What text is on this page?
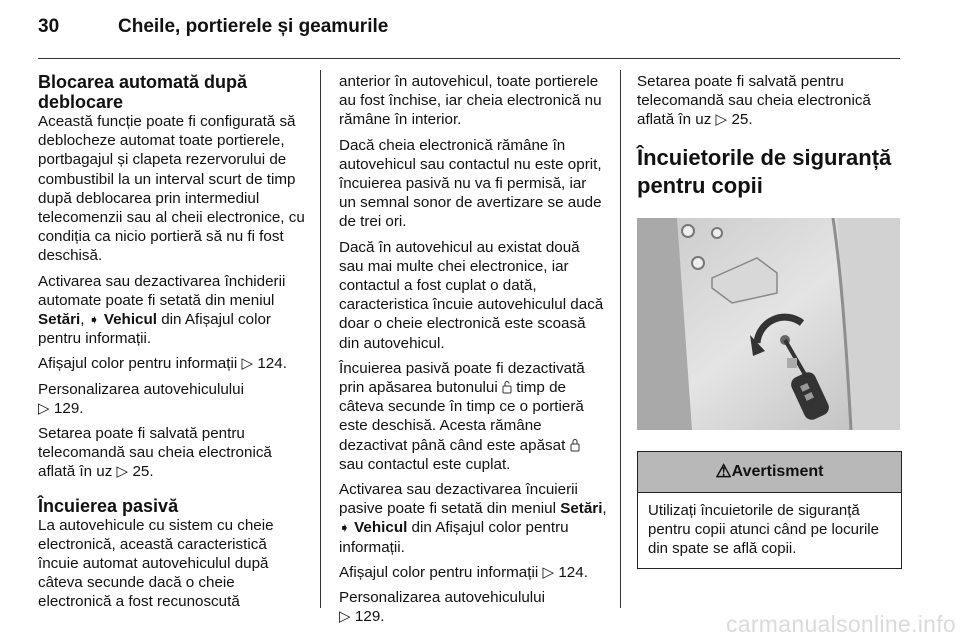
30	Cheile, portierele și geamurile
Blocarea automată după deblocare

Această funcție poate fi configurată să deblocheze automat toate portierele, portbagajul și clapeta rezervorului de combustibil la un interval scurt de timp după deblocarea prin intermediul telecomenzii sau al cheii electronice, cu condiția ca nicio portieră să nu fi fost deschisă.

Activarea sau dezactivarea închiderii automate poate fi setată din meniul Setări, ➧ Vehicul din Afișajul color pentru informații.

Afișajul color pentru informații ▷ 124.

Personalizarea autovehiculului
▷ 129.

Setarea poate fi salvată pentru telecomandă sau cheia electronică aflată în uz ▷ 25.

Încuierea pasivă

La autovehicule cu sistem cu cheie electronică, această caracteristică încuie automat autovehiculul după câteva secunde dacă o cheie electronică a fost recunoscută

anterior în autovehicul, toate portierele au fost închise, iar cheia electronică nu rămâne în interior.

Dacă cheia electronică rămâne în autovehicul sau contactul nu este oprit, încuierea pasivă nu va fi permisă, iar un semnal sonor de avertizare se aude de trei ori.

Dacă în autovehicul au existat două sau mai multe chei electronice, iar contactul a fost cuplat o dată, caracteristica încuie autovehiculul dacă doar o cheie electronică este scoasă din autovehicul.

Încuierea pasivă poate fi dezactivată prin apăsarea butonului  timp de câteva secunde în timp ce o portieră este deschisă. Acesta rămâne dezactivat până când este apăsat  sau contactul este cuplat.

Activarea sau dezactivarea încuierii pasive poate fi setată din meniul Setări, ➧ Vehicul din Afișajul color pentru informații.

Afișajul color pentru informații ▷ 124.

Personalizarea autovehiculului
▷ 129.

Setarea poate fi salvată pentru telecomandă sau cheia electronică aflată în uz ▷ 25.

Încuietorile de siguranță pentru copii
⚠ Avertisment
Utilizați încuietorile de siguranță pentru copii atunci când pe locurile din spate se află copii.
carmanualsonline.info
